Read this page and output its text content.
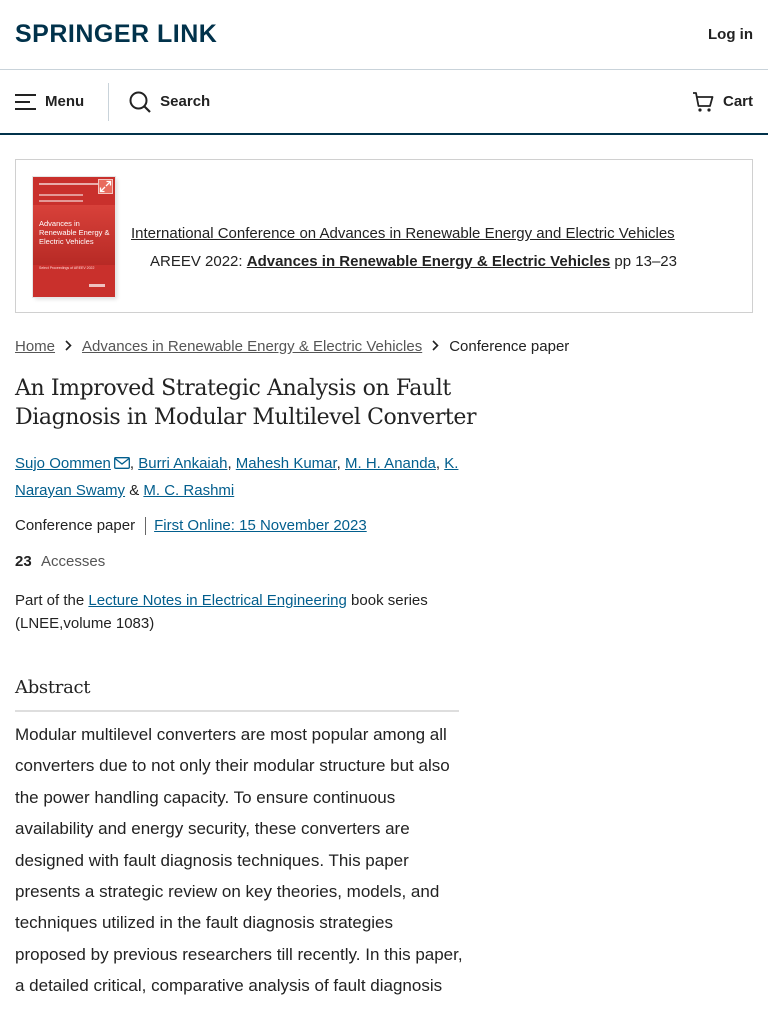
SPRINGER LINK	Log in
Menu	Search	Cart
Advances in Renewable Energy & Electric Vehicles
Select Proceedings of AREEV 2022
International Conference on Advances in Renewable Energy and Electric Vehicles
AREEV 2022: Advances in Renewable Energy & Electric Vehicles pp 13–23
Home Advances in Renewable Energy & Electric Vehicles Conference paper
An Improved Strategic Analysis on Fault
Diagnosis in Modular Multilevel Converter
Sujo Oommen , Burri Ankaiah, Mahesh Kumar, M. H. Ananda, K.
Narayan Swamy & M. C. Rashmi
Conference paper First Online: 15 November 2023
23 Accesses
Part of the Lecture Notes in Electrical Engineering book series
(LNEE,volume 1083)
Abstract
Modular multilevel converters are most popular among all
converters due to not only their modular structure but also
the power handling capacity. To ensure continuous
availability and energy security, these converters are
designed with fault diagnosis techniques. This paper
presents a strategic review on key theories, models, and
techniques utilized in the fault diagnosis strategies
proposed by previous researchers till recently. In this paper,
a detailed critical, comparative analysis of fault diagnosis
